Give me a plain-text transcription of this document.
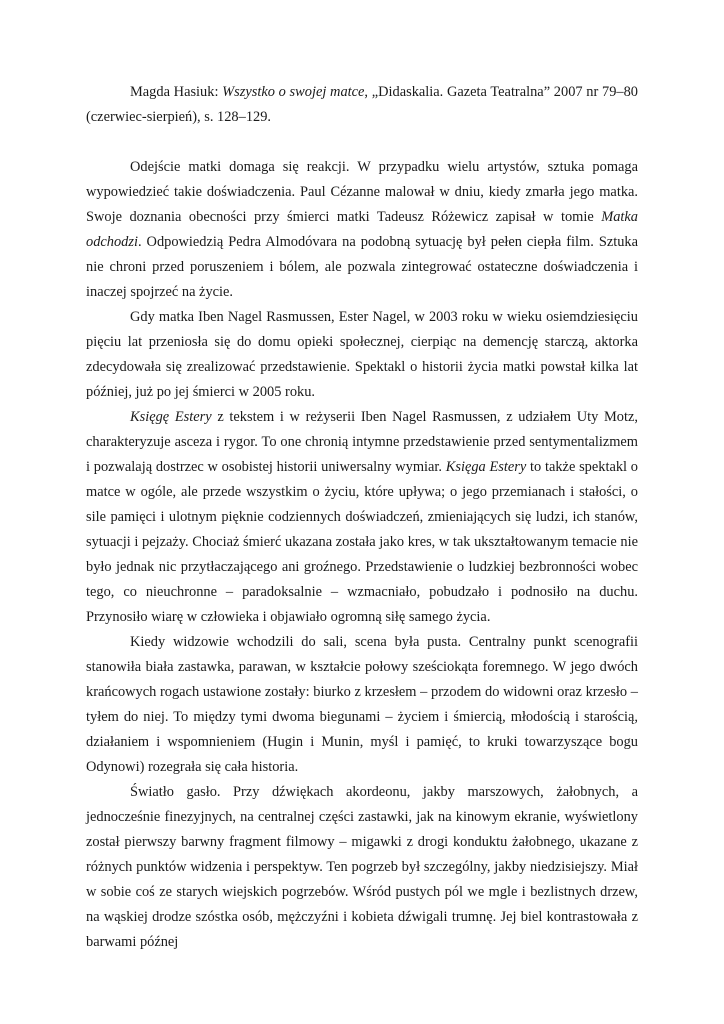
Magda Hasiuk: Wszystko o swojej matce, „Didaskalia. Gazeta Teatralna” 2007 nr 79–80 (czerwiec-sierpień), s. 128–129.

Odejście matki domaga się reakcji. W przypadku wielu artystów, sztuka pomaga wypowiedzieć takie doświadczenia. Paul Cézanne malował w dniu, kiedy zmarła jego matka. Swoje doznania obecności przy śmierci matki Tadeusz Różewicz zapisał w tomie Matka odchodzi. Odpowiedzią Pedra Almodóvara na podobną sytuację był pełen ciepła film. Sztuka nie chroni przed poruszeniem i bólem, ale pozwala zintegrować ostateczne doświadczenia i inaczej spojrzeć na życie.

Gdy matka Iben Nagel Rasmussen, Ester Nagel, w 2003 roku w wieku osiemdziesięciu pięciu lat przeniosła się do domu opieki społecznej, cierpiąc na demencję starczą, aktorka zdecydowała się zrealizować przedstawienie. Spektakl o historii życia matki powstał kilka lat później, już po jej śmierci w 2005 roku.

Księgę Estery z tekstem i w reżyserii Iben Nagel Rasmussen, z udziałem Uty Motz, charakteryzuje asceza i rygor. To one chronią intymne przedstawienie przed sentymentalizmem i pozwalają dostrzec w osobistej historii uniwersalny wymiar. Księga Estery to także spektakl o matce w ogóle, ale przede wszystkim o życiu, które upływa; o jego przemianach i stałości, o sile pamięci i ulotnym pięknie codziennych doświadczeń, zmieniających się ludzi, ich stanów, sytuacji i pejzaży. Chociaż śmierć ukazana została jako kres, w tak ukształtowanym temacie nie było jednak nic przytłaczającego ani groźnego. Przedstawienie o ludzkiej bezbronności wobec tego, co nieuchronne – paradoksalnie – wzmacniało, pobudzało i podnosiło na duchu. Przynosiło wiarę w człowieka i objawiało ogromną siłę samego życia.

Kiedy widzowie wchodzili do sali, scena była pusta. Centralny punkt scenografii stanowiła biała zastawka, parawan, w kształcie połowy sześciokąta foremnego. W jego dwóch krańcowych rogach ustawione zostały: biurko z krzesłem – przodem do widowni oraz krzesło – tyłem do niej. To między tymi dwoma biegunami – życiem i śmiercią, młodością i starością, działaniem i wspomnieniem (Hugin i Munin, myśl i pamięć, to kruki towarzyszące bogu Odynowi) rozegrała się cała historia.

Światło gasło. Przy dźwiękach akordeonu, jakby marszowych, żałobnych, a jednocześnie finezyjnych, na centralnej części zastawki, jak na kinowym ekranie, wyświetlony został pierwszy barwny fragment filmowy – migawki z drogi konduktu żałobnego, ukazane z różnych punktów widzenia i perspektyw. Ten pogrzeb był szczególny, jakby niedzisiejszy. Miał w sobie coś ze starych wiejskich pogrzebów. Wśród pustych pól we mgle i bezlistnych drzew, na wąskiej drodze szóstka osób, mężczyźni i kobieta dźwigali trumnę. Jej biel kontrastowała z barwami późnej
